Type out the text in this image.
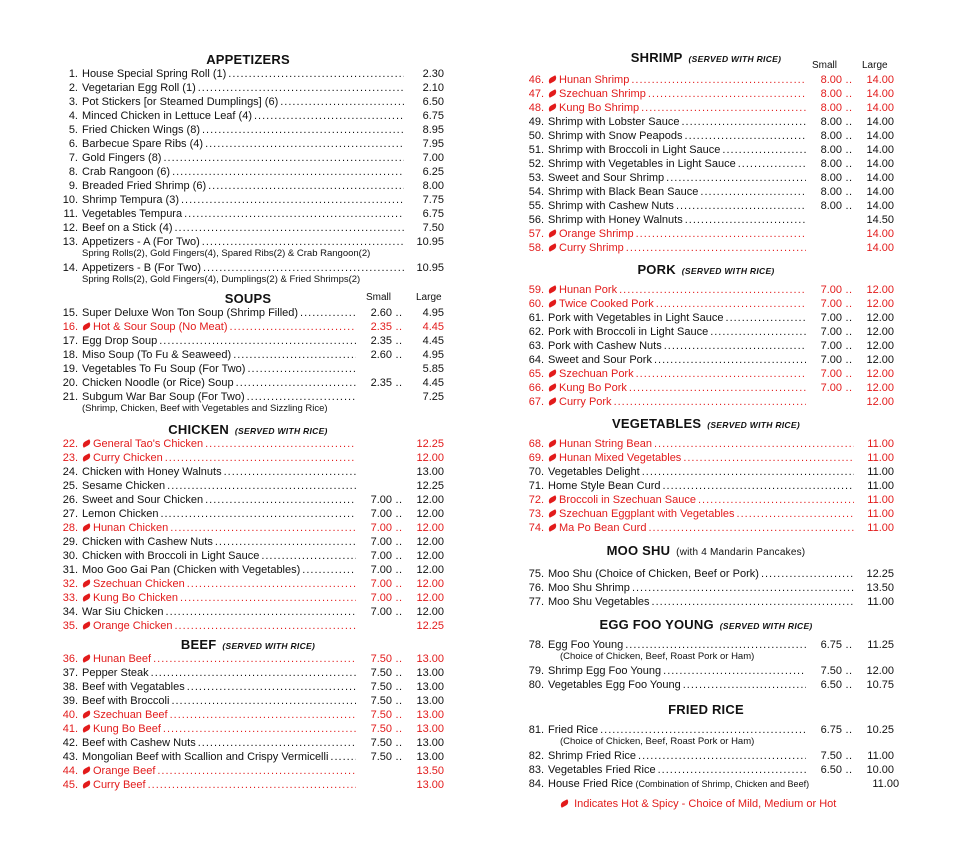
APPETIZERS
1. House Special Spring Roll (1) .....	2.30
2. Vegetarian Egg Roll (1) .....	2.10
3. Pot Stickers [or Steamed Dumplings] (6) .....	6.50
4. Minced Chicken in Lettuce Leaf (4) .....	6.75
5. Fried Chicken Wings (8) .....	8.95
6. Barbecue Spare Ribs (4) .....	7.95
7. Gold Fingers (8) .....	7.00
8. Crab Rangoon (6) .....	6.25
9. Breaded Fried Shrimp (6) .....	8.00
10. Shrimp Tempura (3) .....	7.75
11. Vegetables Tempura .....	6.75
12. Beef on a Stick (4) .....	7.50
13. Appetizers - A (For Two) .....	10.95
Spring Rolls(2), Gold Fingers(4), Spared Ribs(2) & Crab Rangoon(2)
14. Appetizers - B (For Two) .....	10.95
Spring Rolls(2), Gold Fingers(4), Dumplings(2) & Fried Shrimps(2)
SOUPS	Small Large
15. Super Deluxe Won Ton Soup (Shrimp Filled) .....	2.60 ..	4.95
16. Hot & Sour Soup (No Meat) .....	2.35 ..	4.45
17. Egg Drop Soup .....	2.35 ..	4.45
18. Miso Soup (To Fu & Seaweed) .....	2.60 ..	4.95
19. Vegetables To Fu Soup (For Two) .....	5.85
20. Chicken Noodle (or Rice) Soup .....	2.35 ..	4.45
21. Subgum War Bar Soup (For Two) .....	7.25
(Shrimp, Chicken, Beef with Vegetables and Sizzling Rice)
CHICKEN (SERVED WITH RICE)
22. General Tao's Chicken .....	12.25
23. Curry Chicken .....	12.00
24. Chicken with Honey Walnuts .....	13.00
25. Sesame Chicken .....	12.25
26. Sweet and Sour Chicken .....	7.00 ..	12.00
27. Lemon Chicken .....	7.00 ..	12.00
28. Hunan Chicken .....	7.00 ..	12.00
29. Chicken with Cashew Nuts .....	7.00 ..	12.00
30. Chicken with Broccoli in Light Sauce .....	7.00 ..	12.00
31. Moo Goo Gai Pan (Chicken with Vegetables) .....	7.00 ..	12.00
32. Szechuan Chicken .....	7.00 ..	12.00
33. Kung Bo Chicken .....	7.00 ..	12.00
34. War Siu Chicken .....	7.00 ..	12.00
35. Orange Chicken .....	12.25
BEEF (SERVED WITH RICE)
36. Hunan Beef .....	7.50 ..	13.00
37. Pepper Steak .....	7.50 ..	13.00
38. Beef with Vegatables .....	7.50 ..	13.00
39. Beef with Broccoli .....	7.50 ..	13.00
40. Szechuan Beef .....	7.50 ..	13.00
41. Kung Bo Beef .....	7.50 ..	13.00
42. Beef with Cashew Nuts .....	7.50 ..	13.00
43. Mongolian Beef with Scallion and Crispy Vermicelli .....	7.50 ..	13.00
44. Orange Beef .....	13.50
45. Curry Beef .....	13.00
SHRIMP (SERVED WITH RICE)
Small Large
46. Hunan Shrimp .....	8.00 ..	14.00
47. Szechuan Shrimp .....	8.00 ..	14.00
48. Kung Bo Shrimp .....	8.00 ..	14.00
49. Shrimp with Lobster Sauce .....	8.00 ..	14.00
50. Shrimp with Snow Peapods .....	8.00 ..	14.00
51. Shrimp with Broccoli in Light Sauce .....	8.00 ..	14.00
52. Shrimp with Vegetables in Light Sauce .....	8.00 ..	14.00
53. Sweet and Sour Shrimp .....	8.00 ..	14.00
54. Shrimp with Black Bean Sauce .....	8.00 ..	14.00
55. Shrimp with Cashew Nuts .....	8.00 ..	14.00
56. Shrimp with Honey Walnuts .....	14.50
57. Orange Shrimp .....	14.00
58. Curry Shrimp .....	14.00
PORK (SERVED WITH RICE)
59. Hunan Pork .....	7.00 ..	12.00
60. Twice Cooked Pork .....	7.00 ..	12.00
61. Pork with Vegetables in Light Sauce .....	7.00 ..	12.00
62. Pork with Broccoli in Light Sauce .....	7.00 ..	12.00
63. Pork with Cashew Nuts .....	7.00 ..	12.00
64. Sweet and Sour Pork .....	7.00 ..	12.00
65. Szechuan Pork .....	7.00 ..	12.00
66. Kung Bo Pork .....	7.00 ..	12.00
67. Curry Pork .....	12.00
VEGETABLES (SERVED WITH RICE)
68. Hunan String Bean .....	11.00
69. Hunan Mixed Vegetables .....	11.00
70. Vegetables Delight .....	11.00
71. Home Style Bean Curd .....	11.00
72. Broccoli in Szechuan Sauce .....	11.00
73. Szechuan Eggplant with Vegetables .....	11.00
74. Ma Po Bean Curd .....	11.00
MOO SHU (with 4 Mandarin Pancakes)
75. Moo Shu (Choice of Chicken, Beef or Pork) .....	12.25
76. Moo Shu Shrimp .....	13.50
77. Moo Shu Vegetables .....	11.00
EGG FOO YOUNG (SERVED WITH RICE)
78. Egg Foo Young .....	6.75 ..	11.25
(Choice of Chicken, Beef, Roast Pork or Ham)
79. Shrimp Egg Foo Young .....	7.50 ..	12.00
80. Vegetables Egg Foo Young .....	6.50 ..	10.75
FRIED RICE
81. Fried Rice .....	6.75 ..	10.25
(Choice of Chicken, Beef, Roast Pork or Ham)
82. Shrimp Fried Rice .....	7.50 ..	11.00
83. Vegetables Fried Rice .....	6.50 ..	10.00
84. House Fried Rice (Combination of Shrimp, Chicken and Beef)	11.00
Indicates Hot & Spicy - Choice of Mild, Medium or Hot
